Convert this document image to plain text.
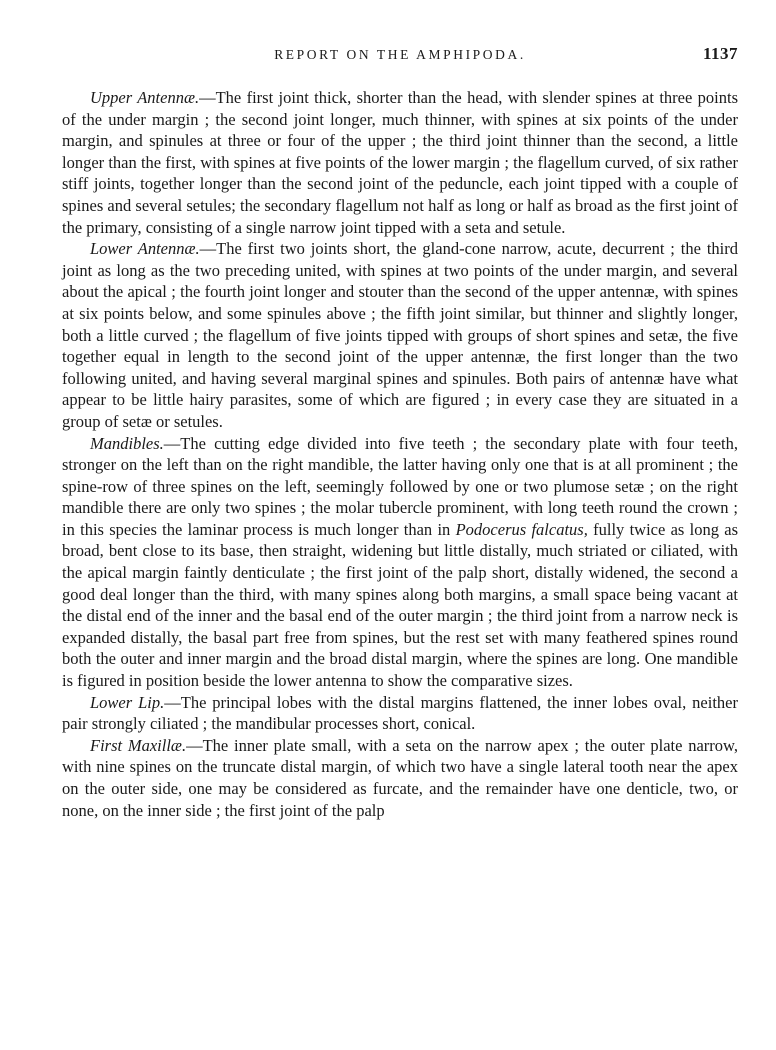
REPORT ON THE AMPHIPODA.	1137

Upper Antennæ.—The first joint thick, shorter than the head, with slender spines at three points of the under margin ; the second joint longer, much thinner, with spines at six points of the under margin, and spinules at three or four of the upper ; the third joint thinner than the second, a little longer than the first, with spines at five points of the lower margin ; the flagellum curved, of six rather stiff joints, together longer than the second joint of the peduncle, each joint tipped with a couple of spines and several setules; the secondary flagellum not half as long or half as broad as the first joint of the primary, consisting of a single narrow joint tipped with a seta and setule.

Lower Antennæ.—The first two joints short, the gland-cone narrow, acute, decurrent ; the third joint as long as the two preceding united, with spines at two points of the under margin, and several about the apical ; the fourth joint longer and stouter than the second of the upper antennæ, with spines at six points below, and some spinules above ; the fifth joint similar, but thinner and slightly longer, both a little curved ; the flagellum of five joints tipped with groups of short spines and setæ, the five together equal in length to the second joint of the upper antennæ, the first longer than the two following united, and having several marginal spines and spinules. Both pairs of antennæ have what appear to be little hairy parasites, some of which are figured ; in every case they are situated in a group of setæ or setules.

Mandibles.—The cutting edge divided into five teeth ; the secondary plate with four teeth, stronger on the left than on the right mandible, the latter having only one that is at all prominent ; the spine-row of three spines on the left, seemingly followed by one or two plumose setæ ; on the right mandible there are only two spines ; the molar tubercle prominent, with long teeth round the crown ; in this species the laminar process is much longer than in Podocerus falcatus, fully twice as long as broad, bent close to its base, then straight, widening but little distally, much striated or ciliated, with the apical margin faintly denticulate ; the first joint of the palp short, distally widened, the second a good deal longer than the third, with many spines along both margins, a small space being vacant at the distal end of the inner and the basal end of the outer margin ; the third joint from a narrow neck is expanded distally, the basal part free from spines, but the rest set with many feathered spines round both the outer and inner margin and the broad distal margin, where the spines are long. One mandible is figured in position beside the lower antenna to show the comparative sizes.

Lower Lip.—The principal lobes with the distal margins flattened, the inner lobes oval, neither pair strongly ciliated ; the mandibular processes short, conical.

First Maxillæ.—The inner plate small, with a seta on the narrow apex ; the outer plate narrow, with nine spines on the truncate distal margin, of which two have a single lateral tooth near the apex on the outer side, one may be considered as furcate, and the remainder have one denticle, two, or none, on the inner side ; the first joint of the palp
